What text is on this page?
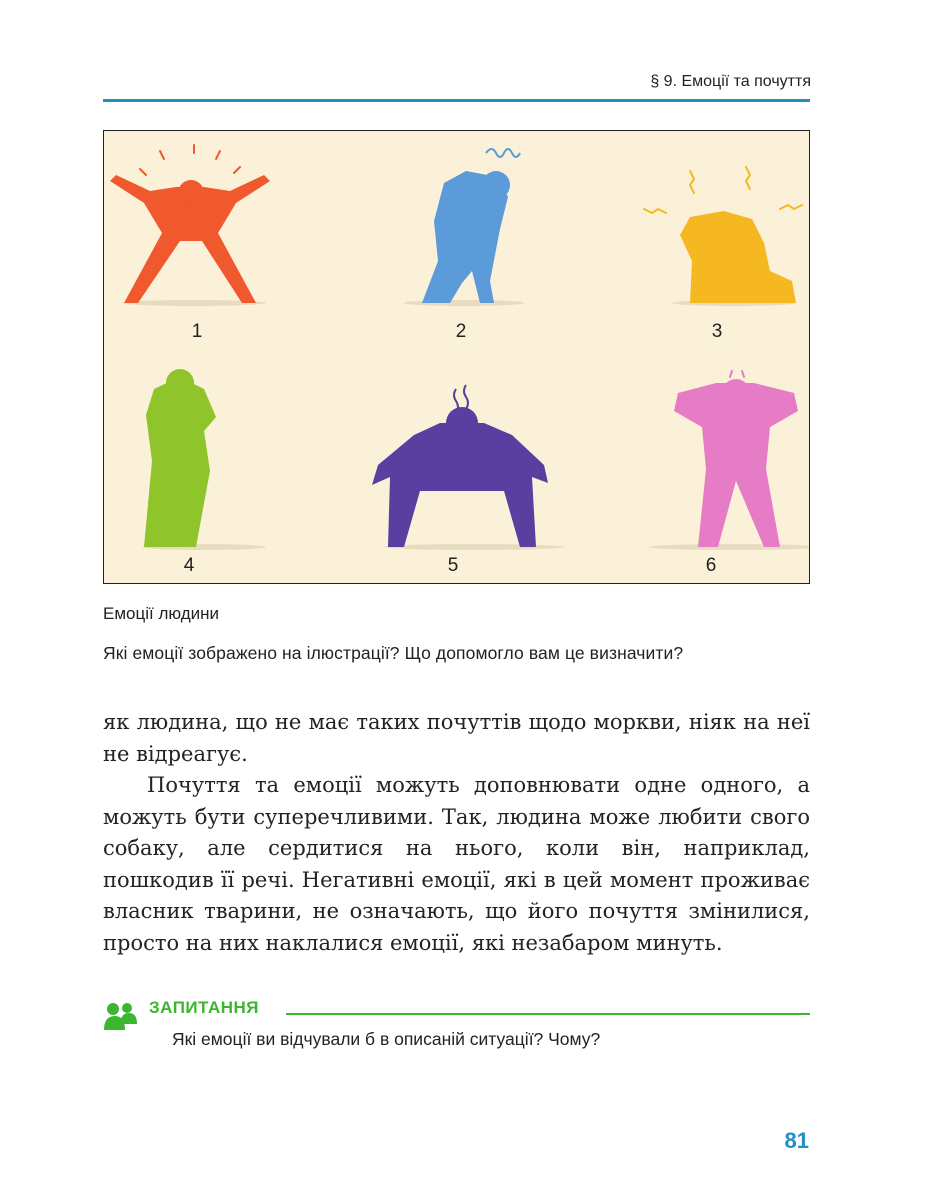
§ 9. Емоції та почуття
1	2	3
4	5	6
Емоції людини
Які емоції зображено на ілюстрації? Що допомогло вам це визначити?

як людина, що не має таких почуттів щодо моркви, ніяк на неї не відреагує.

Почуття та емоції можуть доповнювати одне одного, а можуть бути суперечливими. Так, людина може любити свого собаку, але сердитися на нього, коли він, наприклад, пошкодив її речі. Негативні емоції, які в цей момент проживає власник тварини, не означають, що його почуття змінилися, просто на них наклалися емоції, які незабаром минуть.

ЗАПИТАННЯ
Які емоції ви відчували б в описаній ситуації? Чому?
81
